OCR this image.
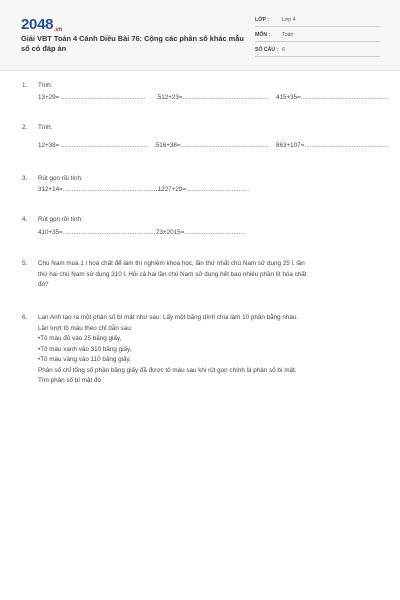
2048.vn
Giải VBT Toán 4 Cánh Diều Bài 76: Cộng các phân số khác mẫu số có đáp án
LỚP : Lớp 4
MÔN : Toán
SỐ CÂU : 6
1. Tính:
13+29=................................................. .512+23=................................................. 415+35=..................................................
2. Tính:
12+38=................................................... .516+38=.................................................. 863+107=................................................
3. Rút gọn rồi tính:
312+14=........................................................
.1227+29=....................................
4. Rút gọn rồi tính:
410+35=...........................................................
73+2015=...................................
5. Chú Nam mua 1 l hoá chất để làm thí nghiệm khoa học, lần thứ nhất chú Nam sử dụng 25 l, lần
thứ hai chú Nam sử dụng 310 l. Hỏi cả hai lần chú Nam sử dụng hết bao nhiêu phần lít hóa chất
đó?
6. Lan Anh tạo ra một phân số bí mật như sau: Lấy một băng dính chia làm 10 phần bằng nhau.
Lần lượt tô màu theo chỉ dẫn sau:
•Tô màu đỏ vào 25 băng giấy,
•Tô màu xanh vào 310 băng giấy,
•Tô màu vàng vào 110 băng giấy.
Phân số chỉ tổng số phần băng giấy đã được tô màu sau khi rút gọn chính là phân số bí mật.
Tìm phân số bí mật đó
